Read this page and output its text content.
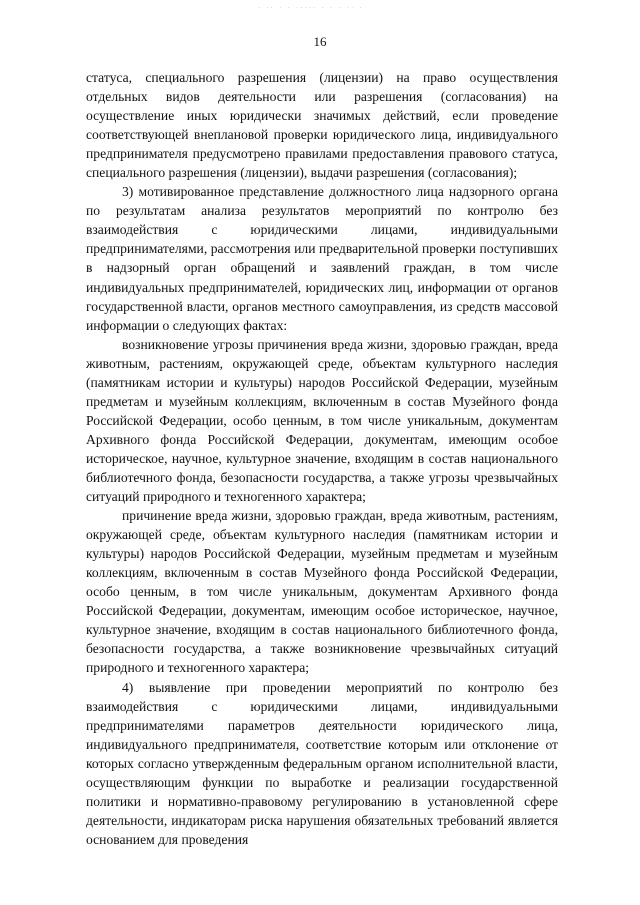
· ·· · · ····· · · · ·· ·
16

статуса, специального разрешения (лицензии) на право осуществления отдельных видов деятельности или разрешения (согласования) на осуществление иных юридически значимых действий, если проведение соответствующей внеплановой проверки юридического лица, индивидуального предпринимателя предусмотрено правилами предоставления правового статуса, специального разрешения (лицензии), выдачи разрешения (согласования);

3) мотивированное представление должностного лица надзорного органа по результатам анализа результатов мероприятий по контролю без взаимодействия с юридическими лицами, индивидуальными предпринимателями, рассмотрения или предварительной проверки поступивших в надзорный орган обращений и заявлений граждан, в том числе индивидуальных предпринимателей, юридических лиц, информации от органов государственной власти, органов местного самоуправления, из средств массовой информации о следующих фактах:

возникновение угрозы причинения вреда жизни, здоровью граждан, вреда животным, растениям, окружающей среде, объектам культурного наследия (памятникам истории и культуры) народов Российской Федерации, музейным предметам и музейным коллекциям, включенным в состав Музейного фонда Российской Федерации, особо ценным, в том числе уникальным, документам Архивного фонда Российской Федерации, документам, имеющим особое историческое, научное, культурное значение, входящим в состав национального библиотечного фонда, безопасности государства, а также угрозы чрезвычайных ситуаций природного и техногенного характера;

причинение вреда жизни, здоровью граждан, вреда животным, растениям, окружающей среде, объектам культурного наследия (памятникам истории и культуры) народов Российской Федерации, музейным предметам и музейным коллекциям, включенным в состав Музейного фонда Российской Федерации, особо ценным, в том числе уникальным, документам Архивного фонда Российской Федерации, документам, имеющим особое историческое, научное, культурное значение, входящим в состав национального библиотечного фонда, безопасности государства, а также возникновение чрезвычайных ситуаций природного и техногенного характера;

4) выявление при проведении мероприятий по контролю без взаимодействия с юридическими лицами, индивидуальными предпринимателями параметров деятельности юридического лица, индивидуального предпринимателя, соответствие которым или отклонение от которых согласно утвержденным федеральным органом исполнительной власти, осуществляющим функции по выработке и реализации государственной политики и нормативно-правовому регулированию в установленной сфере деятельности, индикаторам риска нарушения обязательных требований является основанием для проведения
